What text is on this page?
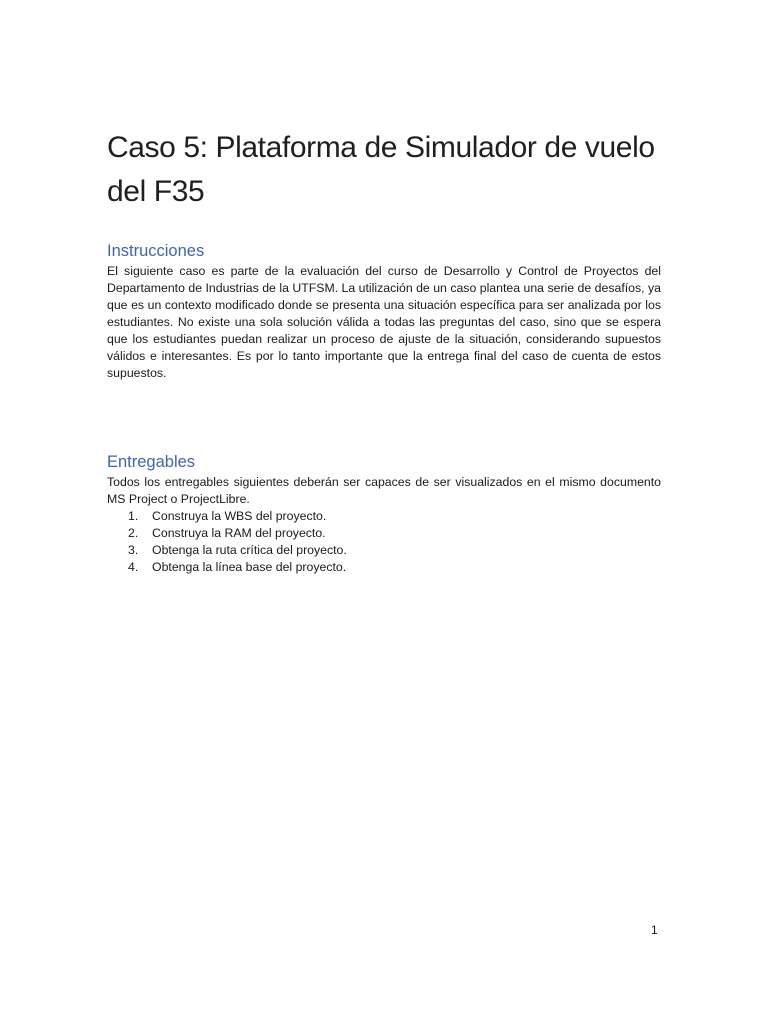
Caso 5: Plataforma de Simulador de vuelo del F35
Instrucciones

El siguiente caso es parte de la evaluación del curso de Desarrollo y Control de Proyectos del Departamento de Industrias de la UTFSM. La utilización de un caso plantea una serie de desafíos, ya que es un contexto modificado donde se presenta una situación específica para ser analizada por los estudiantes. No existe una sola solución válida a todas las preguntas del caso, sino que se espera que los estudiantes puedan realizar un proceso de ajuste de la situación, considerando supuestos válidos e interesantes. Es por lo tanto importante que la entrega final del caso de cuenta de estos supuestos.

Entregables

Todos los entregables siguientes deberán ser capaces de ser visualizados en el mismo documento MS Project o ProjectLibre.

1. Construya la WBS del proyecto.
2. Construya la RAM del proyecto.
3. Obtenga la ruta crítica del proyecto.
4. Obtenga la línea base del proyecto.
1
